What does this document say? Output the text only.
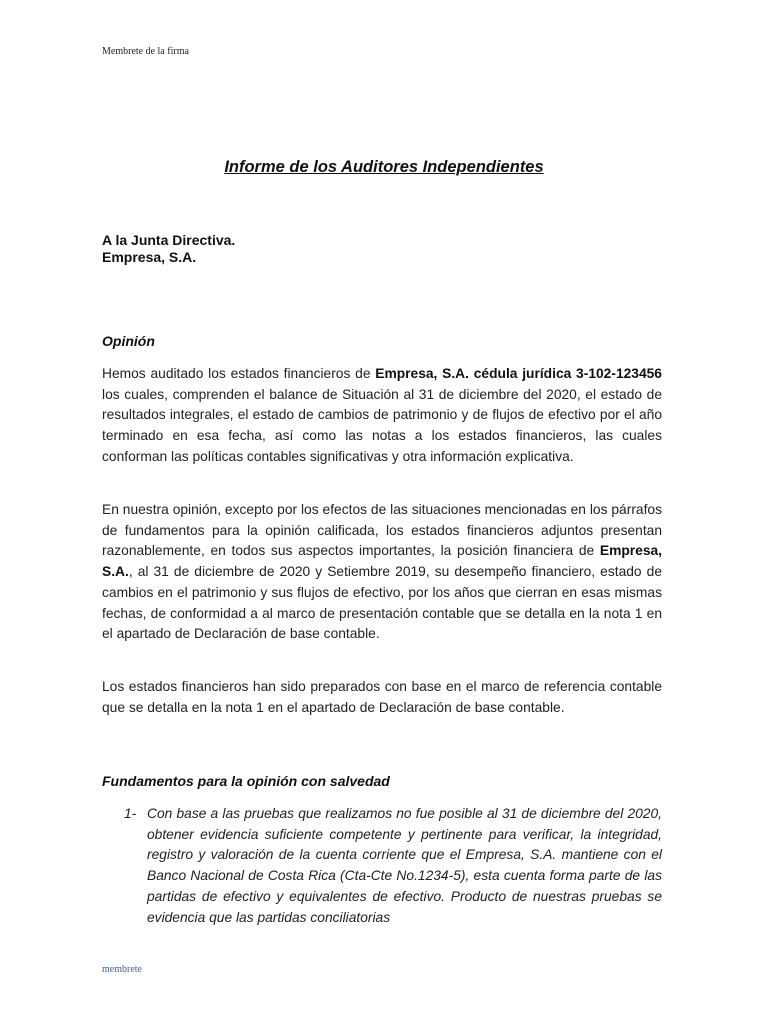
Membrete de la firma
Informe de los Auditores Independientes
A la Junta Directiva.
Empresa, S.A.
Opinión
Hemos auditado los estados financieros de Empresa, S.A. cédula jurídica 3-102-123456 los cuales, comprenden el balance de Situación al 31 de diciembre del 2020, el estado de resultados integrales, el estado de cambios de patrimonio y de flujos de efectivo por el año terminado en esa fecha, así como las notas a los estados financieros, las cuales conforman las políticas contables significativas y otra información explicativa.
En nuestra opinión, excepto por los efectos de las situaciones mencionadas en los párrafos de fundamentos para la opinión calificada, los estados financieros adjuntos presentan razonablemente, en todos sus aspectos importantes, la posición financiera de Empresa, S.A., al 31 de diciembre de 2020 y Setiembre 2019, su desempeño financiero, estado de cambios en el patrimonio y sus flujos de efectivo, por los años que cierran en esas mismas fechas, de conformidad a al marco de presentación contable que se detalla en la nota 1 en el apartado de Declaración de base contable.
Los estados financieros han sido preparados con base en el marco de referencia contable que se detalla en la nota 1 en el apartado de Declaración de base contable.
Fundamentos para la opinión con salvedad
1- Con base a las pruebas que realizamos no fue posible al 31 de diciembre del 2020, obtener evidencia suficiente competente y pertinente para verificar, la integridad, registro y valoración de la cuenta corriente que el Empresa, S.A. mantiene con el Banco Nacional de Costa Rica (Cta-Cte No.1234-5), esta cuenta forma parte de las partidas de efectivo y equivalentes de efectivo. Producto de nuestras pruebas se evidencia que las partidas conciliatorias
membrete
